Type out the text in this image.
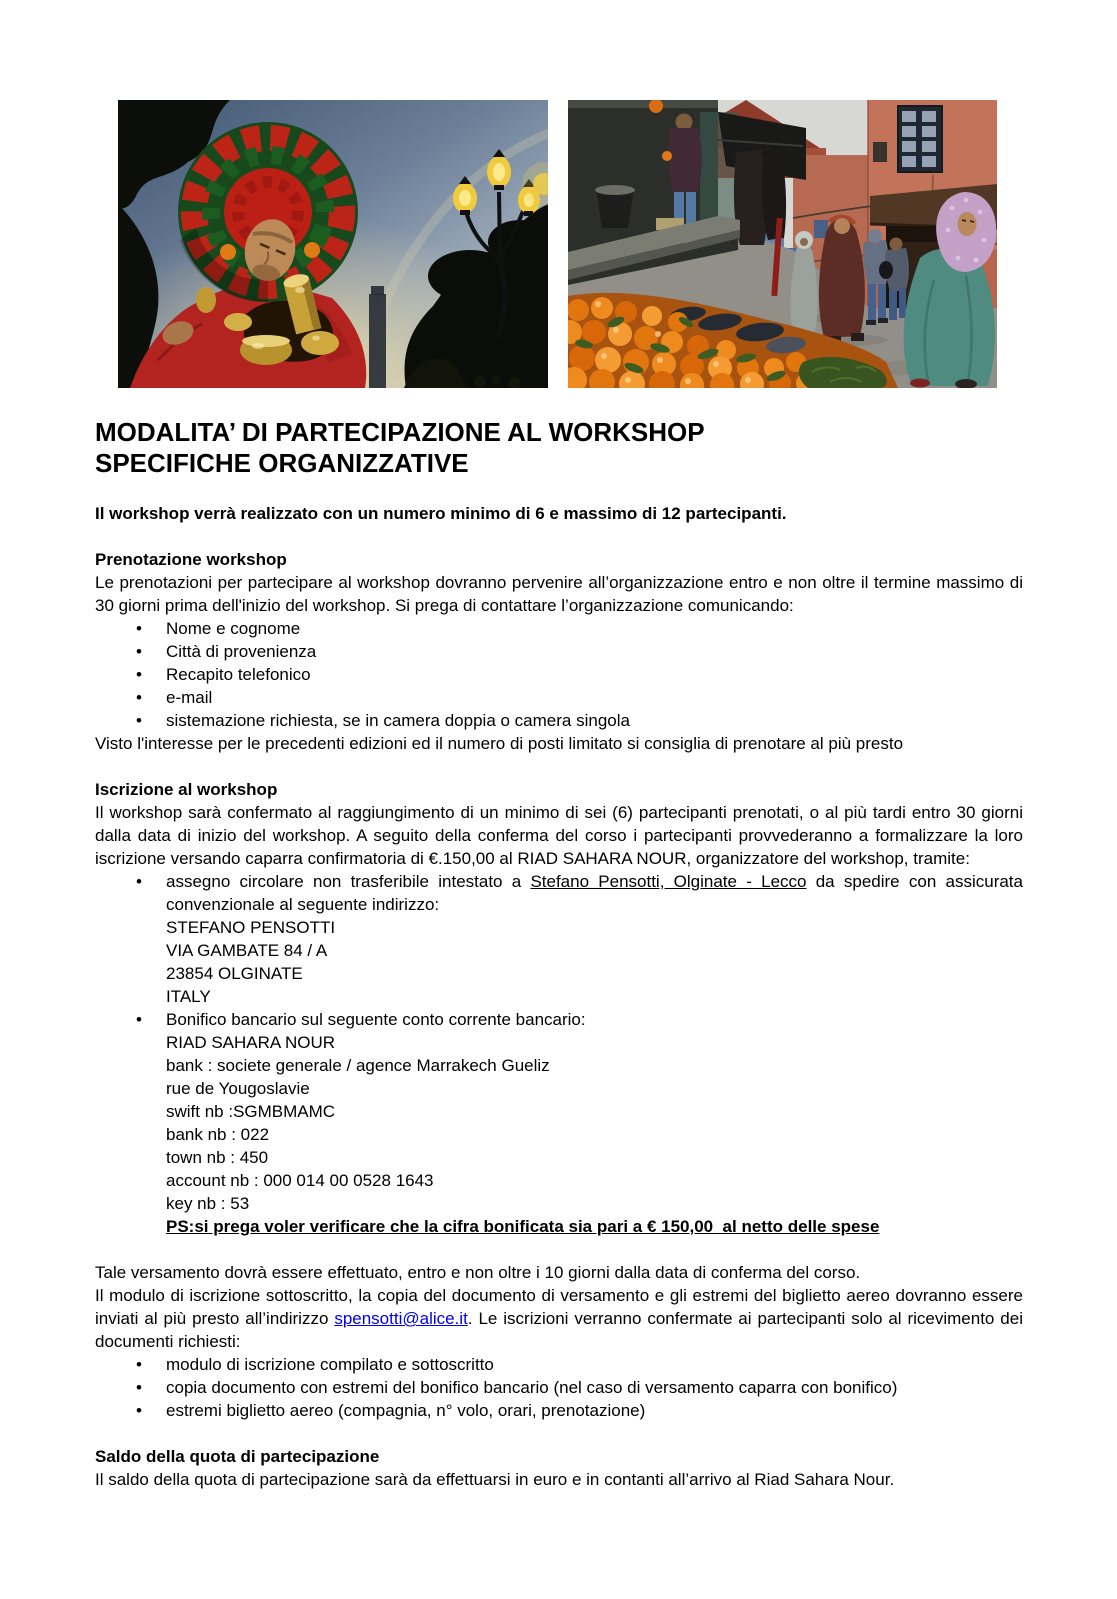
MODALITA’ DI PARTECIPAZIONE AL WORKSHOP
SPECIFICHE ORGANIZZATIVE

Il workshop verrà realizzato con un numero minimo di 6 e massimo di 12 partecipanti.

Prenotazione workshop

Le prenotazioni per partecipare al workshop dovranno pervenire all’organizzazione entro e non oltre il termine massimo di 30 giorni prima dell'inizio del workshop. Si prega di contattare l’organizzazione comunicando:

• Nome e cognome
• Città di provenienza
• Recapito telefonico
• e-mail
• sistemazione richiesta, se in camera doppia o camera singola

Visto l'interesse per le precedenti edizioni ed il numero di posti limitato si consiglia di prenotare al più presto

Iscrizione al workshop

Il workshop sarà confermato al raggiungimento di un minimo di sei (6) partecipanti prenotati, o al più tardi entro 30 giorni dalla data di inizio del workshop. A seguito della conferma del corso i partecipanti provvederanno a formalizzare la loro iscrizione versando caparra confirmatoria di €.150,00 al RIAD SAHARA NOUR, organizzatore del workshop, tramite:

• assegno circolare non trasferibile intestato a Stefano Pensotti, Olginate - Lecco da spedire con assicurata convenzionale al seguente indirizzo:

STEFANO PENSOTTI

VIA GAMBATE 84 / A

23854 OLGINATE

ITALY

• Bonifico bancario sul seguente conto corrente bancario:

RIAD SAHARA NOUR

bank : societe generale / agence Marrakech Gueliz

rue de Yougoslavie

swift nb :SGMBMAMC

bank nb : 022

town nb : 450

account nb : 000 014 00 0528 1643

key nb : 53

PS:si prega voler verificare che la cifra bonificata sia pari a € 150,00  al netto delle spese

Tale versamento dovrà essere effettuato, entro e non oltre i 10 giorni dalla data di conferma del corso.

Il modulo di iscrizione sottoscritto, la copia del documento di versamento e gli estremi del biglietto aereo dovranno essere inviati al più presto all’indirizzo spensotti@alice.it. Le iscrizioni verranno confermate ai partecipanti solo al ricevimento dei documenti richiesti:

• modulo di iscrizione compilato e sottoscritto
• copia documento con estremi del bonifico bancario (nel caso di versamento caparra con bonifico)
• estremi biglietto aereo (compagnia, n° volo, orari, prenotazione)

Saldo della quota di partecipazione

Il saldo della quota di partecipazione sarà da effettuarsi in euro e in contanti all’arrivo al Riad Sahara Nour.
